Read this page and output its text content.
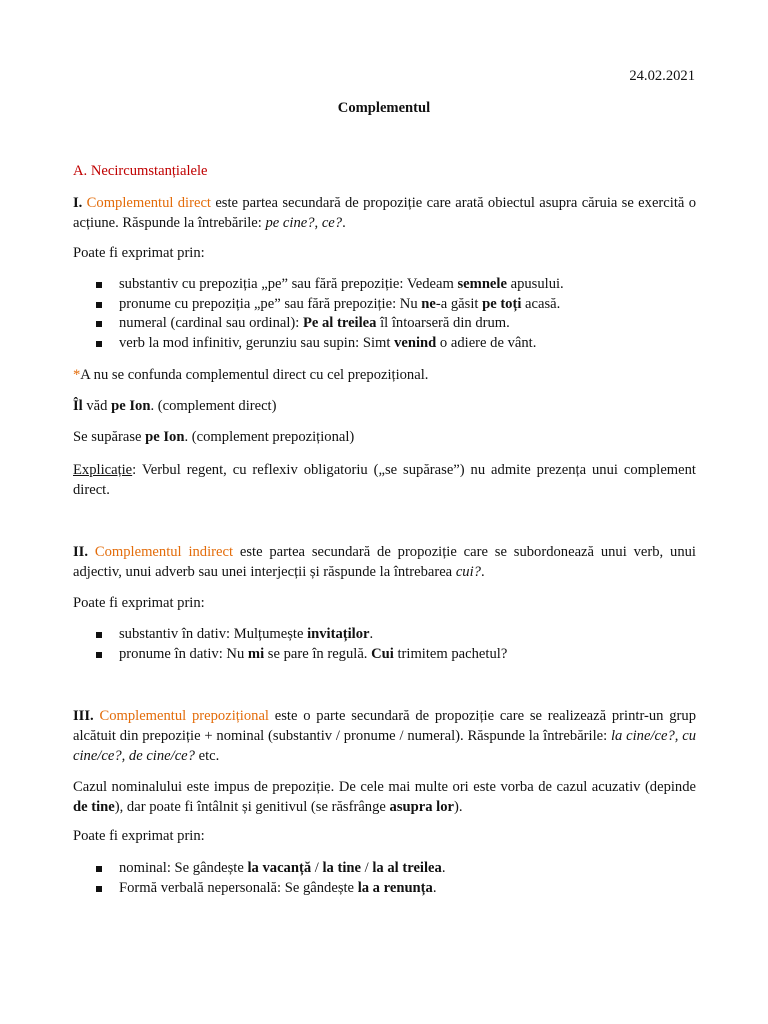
24.02.2021
Complementul
A. Necircumstanțialele

I. Complementul direct este partea secundară de propoziție care arată obiectul asupra căruia se exercită o acțiune. Răspunde la întrebările: pe cine?, ce?.

Poate fi exprimat prin:
substantiv cu prepoziția „pe” sau fără prepoziție: Vedeam semnele apusului.
pronume cu prepoziția „pe” sau fără prepoziție: Nu ne-a găsit pe toți acasă.
numeral (cardinal sau ordinal): Pe al treilea îl întoarseră din drum.
verb la mod infinitiv, gerunziu sau supin: Simt venind o adiere de vânt.
*A nu se confunda complementul direct cu cel prepozițional.
Îl văd pe Ion. (complement direct)
Se supărase pe Ion. (complement prepozițional)

Explicație: Verbul regent, cu reflexiv obligatoriu („se supărase”) nu admite prezența unui complement direct.

II. Complementul indirect este partea secundară de propoziție care se subordonează unui verb, unui adjectiv, unui adverb sau unei interjecții și răspunde la întrebarea cui?.

Poate fi exprimat prin:
substantiv în dativ: Mulțumește invitaților.
pronume în dativ: Nu mi se pare în regulă. Cui trimitem pachetul?

III. Complementul prepozițional este o parte secundară de propoziție care se realizează printr-un grup alcătuit din prepoziție + nominal (substantiv / pronume / numeral). Răspunde la întrebările: la cine/ce?, cu cine/ce?, de cine/ce? etc.

Cazul nominalului este impus de prepoziție. De cele mai multe ori este vorba de cazul acuzativ (depinde de tine), dar poate fi întâlnit și genitivul (se răsfrânge asupra lor).

Poate fi exprimat prin:
nominal: Se gândește la vacanță / la tine / la al treilea.
Formă verbală nepersonală: Se gândește la a renunța.
